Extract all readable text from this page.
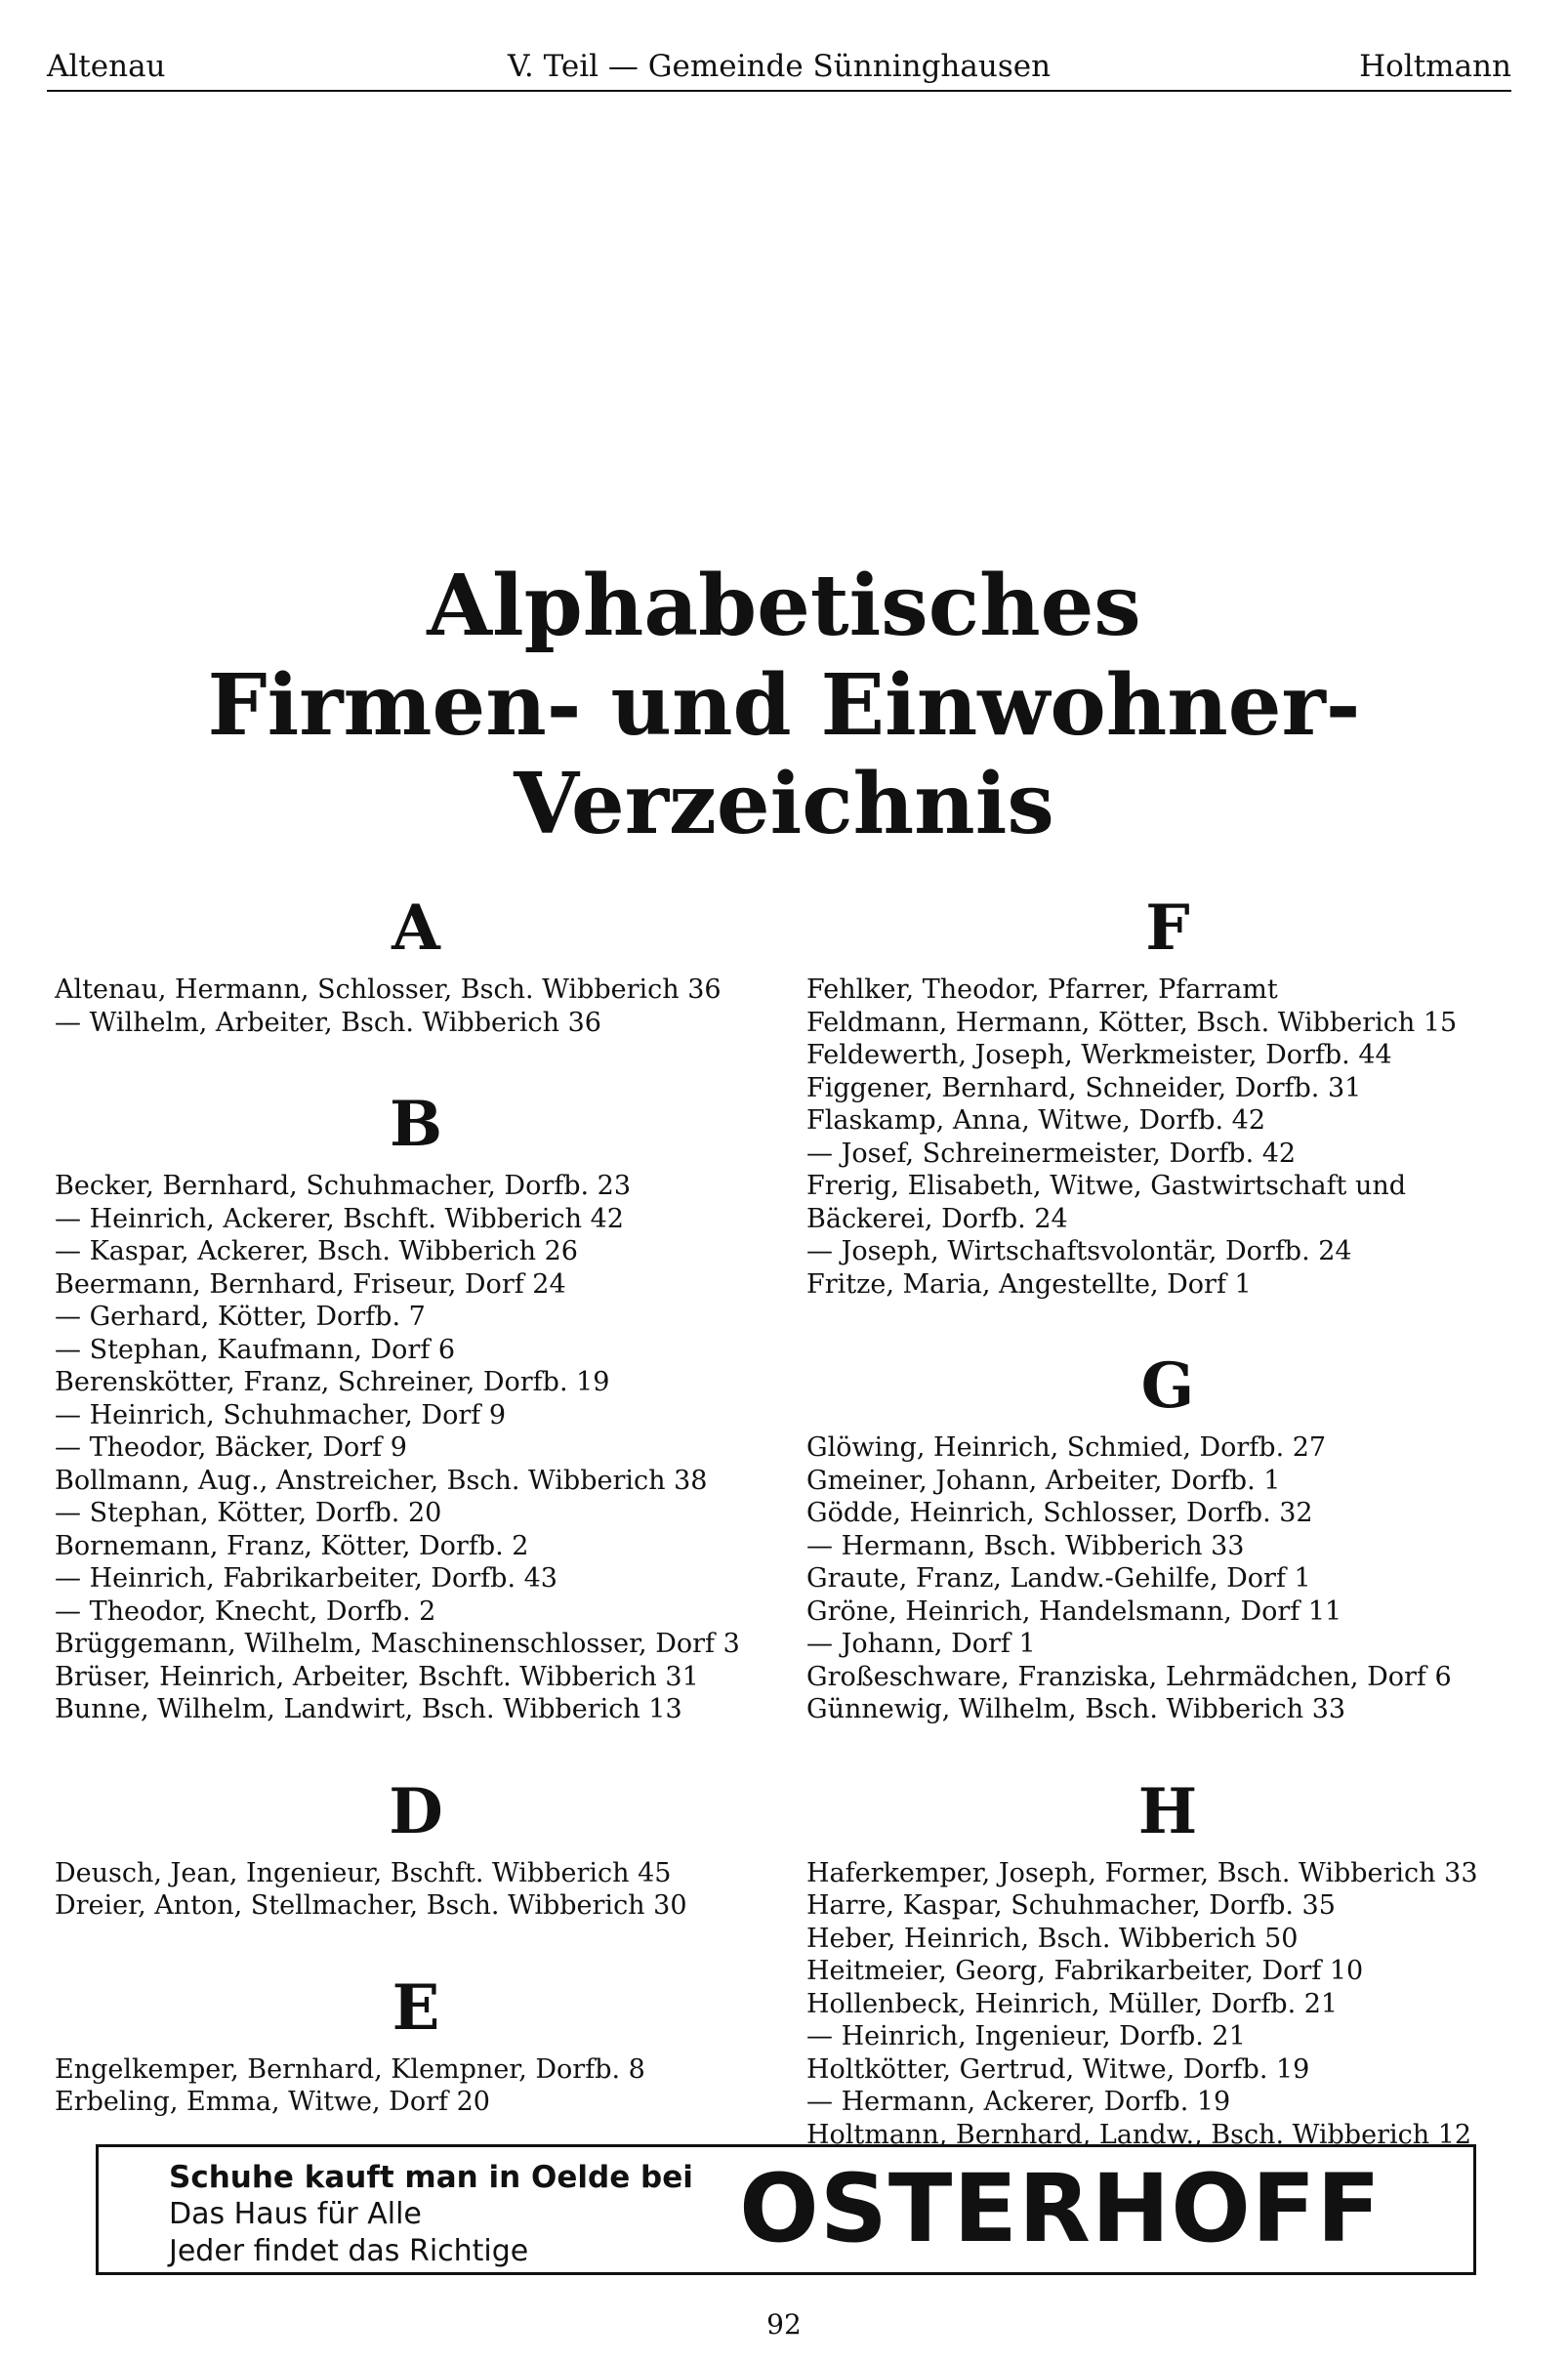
Altenau	V. Teil — Gemeinde Sünninghausen	Holtmann
Alphabetisches
Firmen- und Einwohner-Verzeichnis
A
Altenau, Hermann, Schlosser, Bsch. Wibberich 36
— Wilhelm, Arbeiter, Bsch. Wibberich 36
B
Becker, Bernhard, Schuhmacher, Dorfb. 23
— Heinrich, Ackerer, Bschft. Wibberich 42
— Kaspar, Ackerer, Bsch. Wibberich 26
Beermann, Bernhard, Friseur, Dorf 24
— Gerhard, Kötter, Dorfb. 7
— Stephan, Kaufmann, Dorf 6
Berenskötter, Franz, Schreiner, Dorfb. 19
— Heinrich, Schuhmacher, Dorf 9
— Theodor, Bäcker, Dorf 9
Bollmann, Aug., Anstreicher, Bsch. Wibberich 38
— Stephan, Kötter, Dorfb. 20
Bornemann, Franz, Kötter, Dorfb. 2
— Heinrich, Fabrikarbeiter, Dorfb. 43
— Theodor, Knecht, Dorfb. 2
Brüggemann, Wilhelm, Maschinenschlosser, Dorf 3
Brüser, Heinrich, Arbeiter, Bschft. Wibberich 31
Bunne, Wilhelm, Landwirt, Bsch. Wibberich 13
D
Deusch, Jean, Ingenieur, Bschft. Wibberich 45
Dreier, Anton, Stellmacher, Bsch. Wibberich 30
E
Engelkemper, Bernhard, Klempner, Dorfb. 8
Erbeling, Emma, Witwe, Dorf 20
F
Fehlker, Theodor, Pfarrer, Pfarramt
Feldmann, Hermann, Kötter, Bsch. Wibberich 15
Feldewerth, Joseph, Werkmeister, Dorfb. 44
Figgener, Bernhard, Schneider, Dorfb. 31
Flaskamp, Anna, Witwe, Dorfb. 42
— Josef, Schreinermeister, Dorfb. 42
Frerig, Elisabeth, Witwe, Gastwirtschaft und
Bäckerei, Dorfb. 24
— Joseph, Wirtschaftsvolontär, Dorfb. 24
Fritze, Maria, Angestellte, Dorf 1
G
Glöwing, Heinrich, Schmied, Dorfb. 27
Gmeiner, Johann, Arbeiter, Dorfb. 1
Gödde, Heinrich, Schlosser, Dorfb. 32
— Hermann, Bsch. Wibberich 33
Graute, Franz, Landw.-Gehilfe, Dorf 1
Gröne, Heinrich, Handelsmann, Dorf 11
— Johann, Dorf 1
Großeschware, Franziska, Lehrmädchen, Dorf 6
Günnewig, Wilhelm, Bsch. Wibberich 33
H
Haferkemper, Joseph, Former, Bsch. Wibberich 33
Harre, Kaspar, Schuhmacher, Dorfb. 35
Heber, Heinrich, Bsch. Wibberich 50
Heitmeier, Georg, Fabrikarbeiter, Dorf 10
Hollenbeck, Heinrich, Müller, Dorfb. 21
— Heinrich, Ingenieur, Dorfb. 21
Holtkötter, Gertrud, Witwe, Dorfb. 19
— Hermann, Ackerer, Dorfb. 19
Holtmann, Bernhard, Landw., Bsch. Wibberich 12
Schuhe kauft man in Oelde bei
Das Haus für Alle
Jeder findet das Richtige	OSTERHOFF
92
